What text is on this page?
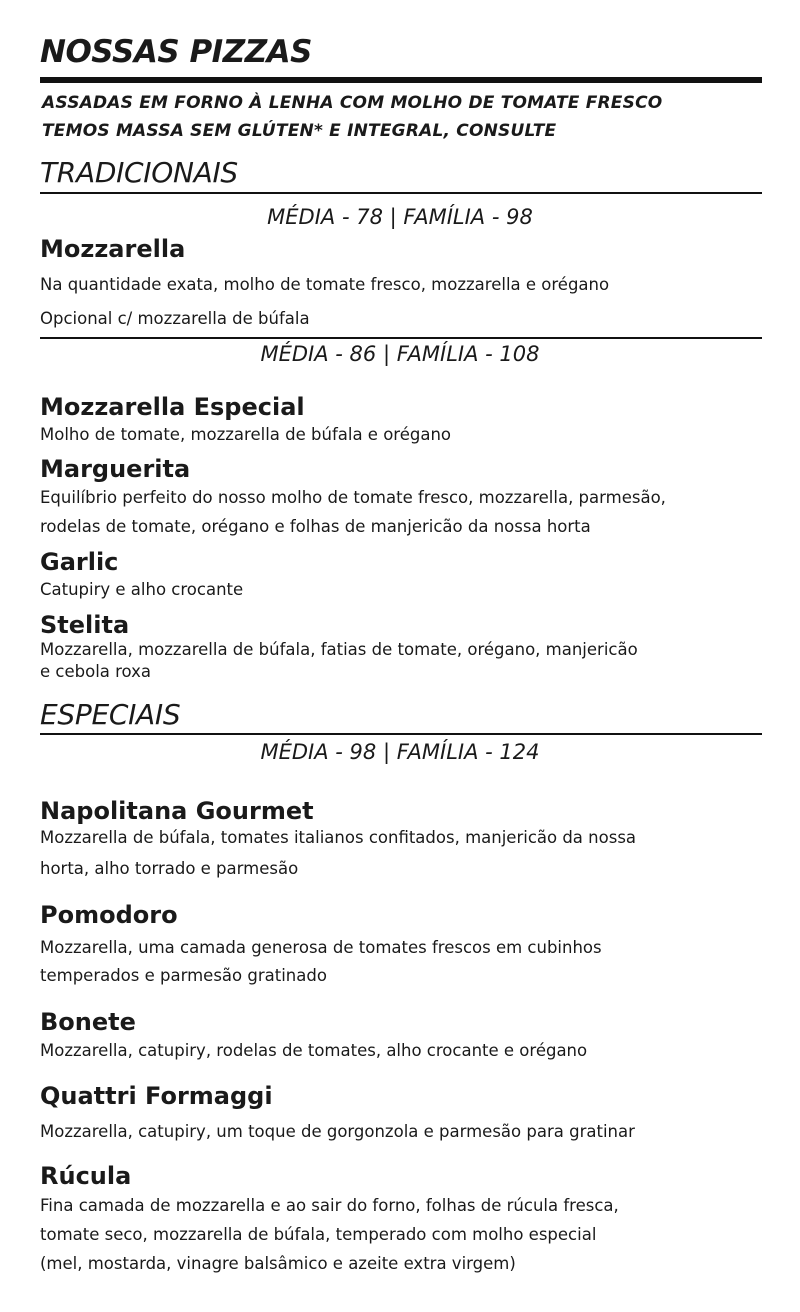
NOSSAS PIZZAS

ASSADAS EM FORNO À LENHA COM MOLHO DE TOMATE FRESCO

TEMOS MASSA SEM GLÚTEN* E INTEGRAL, CONSULTE

TRADICIONAIS

MÉDIA - 78 | FAMÍLIA - 98

Mozzarella

Na quantidade exata, molho de tomate fresco, mozzarella e orégano

Opcional c/ mozzarella de búfala

MÉDIA - 86 | FAMÍLIA - 108

Mozzarella Especial

Molho de tomate, mozzarella de búfala e orégano

Marguerita

Equilíbrio perfeito do nosso molho de tomate fresco, mozzarella, parmesão,

rodelas de tomate, orégano e folhas de manjericão da nossa horta

Garlic

Catupiry e alho crocante

Stelita

Mozzarella, mozzarella de búfala, fatias de tomate, orégano, manjericão

e cebola roxa

ESPECIAIS

MÉDIA - 98 | FAMÍLIA - 124

Napolitana Gourmet

Mozzarella de búfala, tomates italianos confitados, manjericão da nossa

horta, alho torrado e parmesão

Pomodoro

Mozzarella, uma camada generosa de tomates frescos em cubinhos

temperados e parmesão gratinado

Bonete

Mozzarella, catupiry, rodelas de tomates, alho crocante e orégano

Quattri Formaggi

Mozzarella, catupiry, um toque de gorgonzola e parmesão para gratinar

Rúcula

Fina camada de mozzarella e ao sair do forno, folhas de rúcula fresca,

tomate seco, mozzarella de búfala, temperado com molho especial

(mel, mostarda, vinagre balsâmico e azeite extra virgem)
